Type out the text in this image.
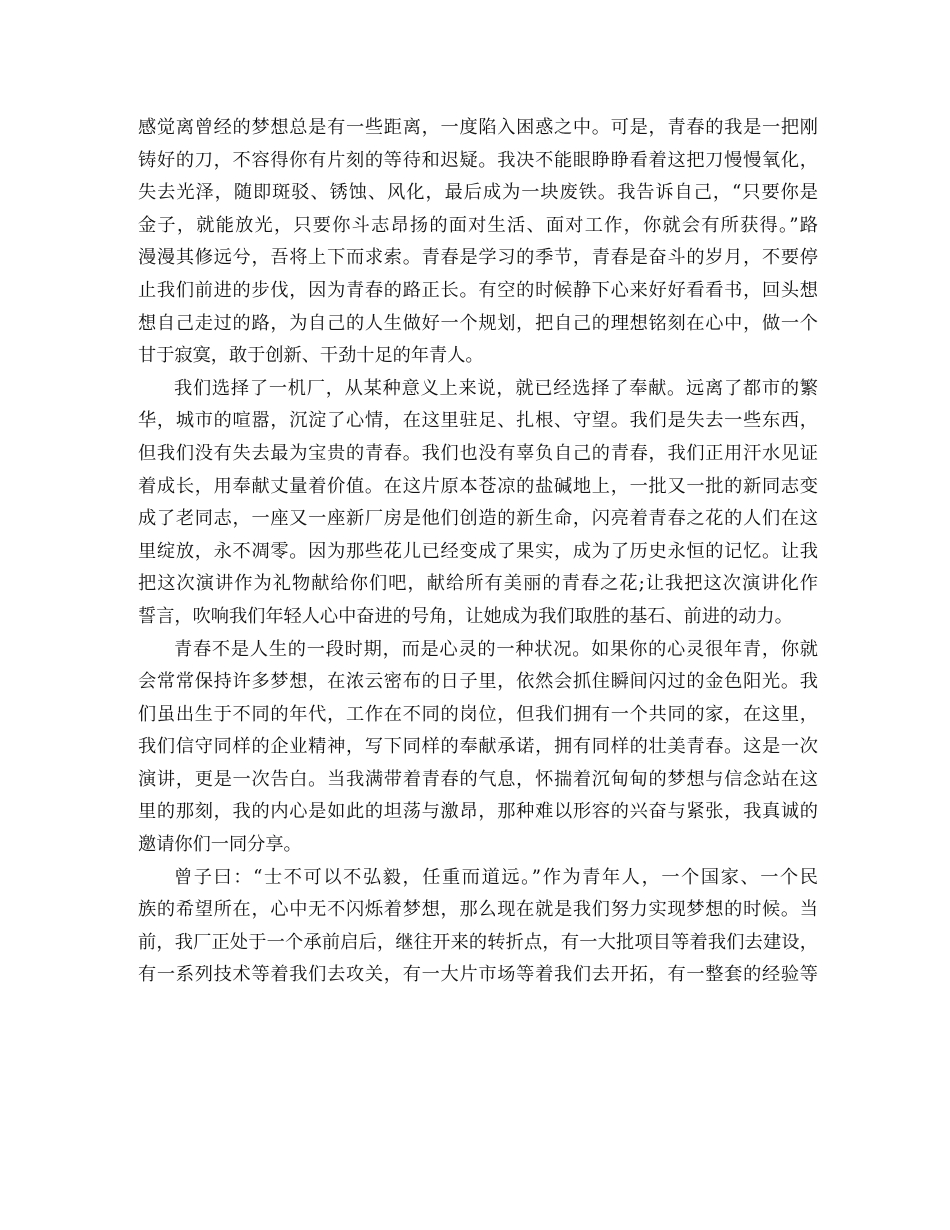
感觉离曾经的梦想总是有一些距离，一度陷入困惑之中。可是，青春的我是一把刚
铸好的刀，不容得你有片刻的等待和迟疑。我决不能眼睁睁看着这把刀慢慢氧化，
失去光泽，随即斑驳、锈蚀、风化，最后成为一块废铁。我告诉自己，“只要你是
金子，就能放光，只要你斗志昂扬的面对生活、面对工作，你就会有所获得。”路
漫漫其修远兮，吾将上下而求索。青春是学习的季节，青春是奋斗的岁月，不要停
止我们前进的步伐，因为青春的路正长。有空的时候静下心来好好看看书，回头想
想自己走过的路，为自己的人生做好一个规划，把自己的理想铭刻在心中，做一个
甘于寂寞，敢于创新、干劲十足的年青人。
我们选择了一机厂，从某种意义上来说，就已经选择了奉献。远离了都市的繁
华，城市的喧嚣，沉淀了心情，在这里驻足、扎根、守望。我们是失去一些东西，
但我们没有失去最为宝贵的青春。我们也没有辜负自己的青春，我们正用汗水见证
着成长，用奉献丈量着价值。在这片原本苍凉的盐碱地上，一批又一批的新同志变
成了老同志，一座又一座新厂房是他们创造的新生命，闪亮着青春之花的人们在这
里绽放，永不凋零。因为那些花儿已经变成了果实，成为了历史永恒的记忆。让我
把这次演讲作为礼物献给你们吧，献给所有美丽的青春之花;让我把这次演讲化作
誓言，吹响我们年轻人心中奋进的号角，让她成为我们取胜的基石、前进的动力。
青春不是人生的一段时期，而是心灵的一种状况。如果你的心灵很年青，你就
会常常保持许多梦想，在浓云密布的日子里，依然会抓住瞬间闪过的金色阳光。我
们虽出生于不同的年代，工作在不同的岗位，但我们拥有一个共同的家，在这里，
我们信守同样的企业精神，写下同样的奉献承诺，拥有同样的壮美青春。这是一次
演讲，更是一次告白。当我满带着青春的气息，怀揣着沉甸甸的梦想与信念站在这
里的那刻，我的内心是如此的坦荡与激昂，那种难以形容的兴奋与紧张，我真诚的
邀请你们一同分享。
曾子曰：“士不可以不弘毅，任重而道远。”作为青年人，一个国家、一个民
族的希望所在，心中无不闪烁着梦想，那么现在就是我们努力实现梦想的时候。当
前，我厂正处于一个承前启后，继往开来的转折点，有一大批项目等着我们去建设，
有一系列技术等着我们去攻关，有一大片市场等着我们去开拓，有一整套的经验等
